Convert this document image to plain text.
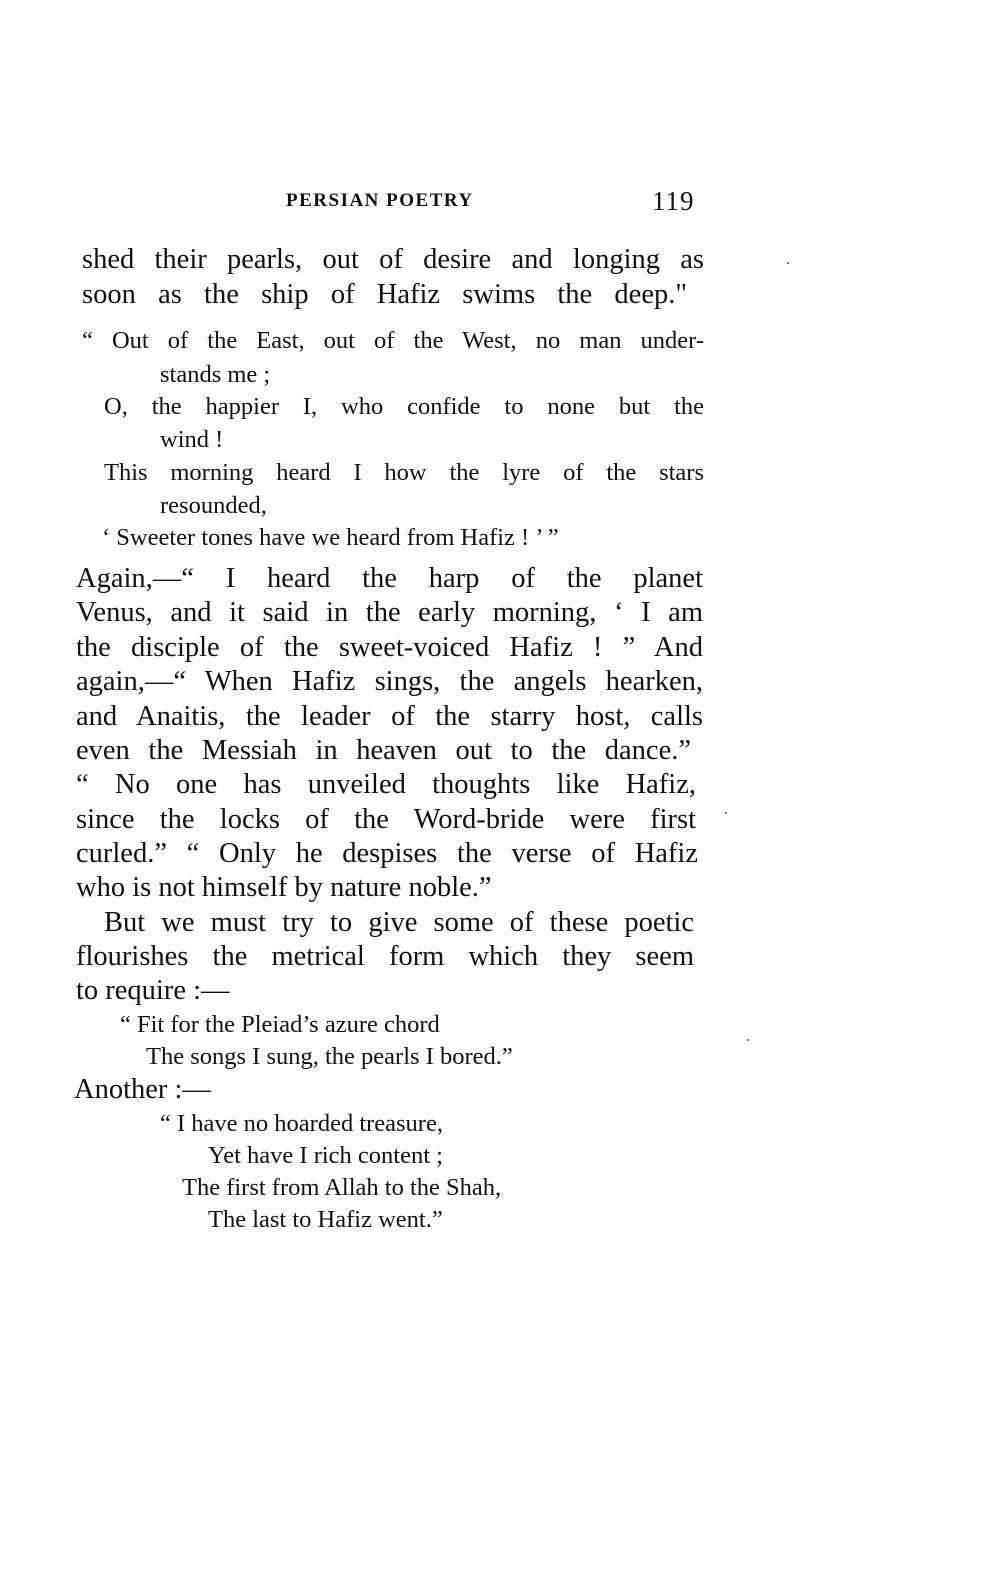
PERSIAN POETRY	119
shed their pearls, out of desire and longing as
soon as the ship of Hafiz swims the deep."
“ Out of the East, out of the West, no man under-
stands me ;
O, the happier I, who confide to none but the
wind !
This morning heard I how the lyre of the stars
resounded,
‘ Sweeter tones have we heard from Hafiz ! ’ ”
Again,—“ I heard the harp of the planet
Venus, and it said in the early morning, ‘ I am
the disciple of the sweet-voiced Hafiz ! ” And
again,—“ When Hafiz sings, the angels hearken,
and Anaitis, the leader of the starry host, calls
even the Messiah in heaven out to the dance.”
“ No one has unveiled thoughts like Hafiz,
since the locks of the Word-bride were first
curled.” “ Only he despises the verse of Hafiz
who is not himself by nature noble.”
But we must try to give some of these poetic
flourishes the metrical form which they seem
to require :—
“ Fit for the Pleiad’s azure chord
The songs I sung, the pearls I bored.”
Another :—
“ I have no hoarded treasure,
Yet have I rich content ;
The first from Allah to the Shah,
The last to Hafiz went.”
